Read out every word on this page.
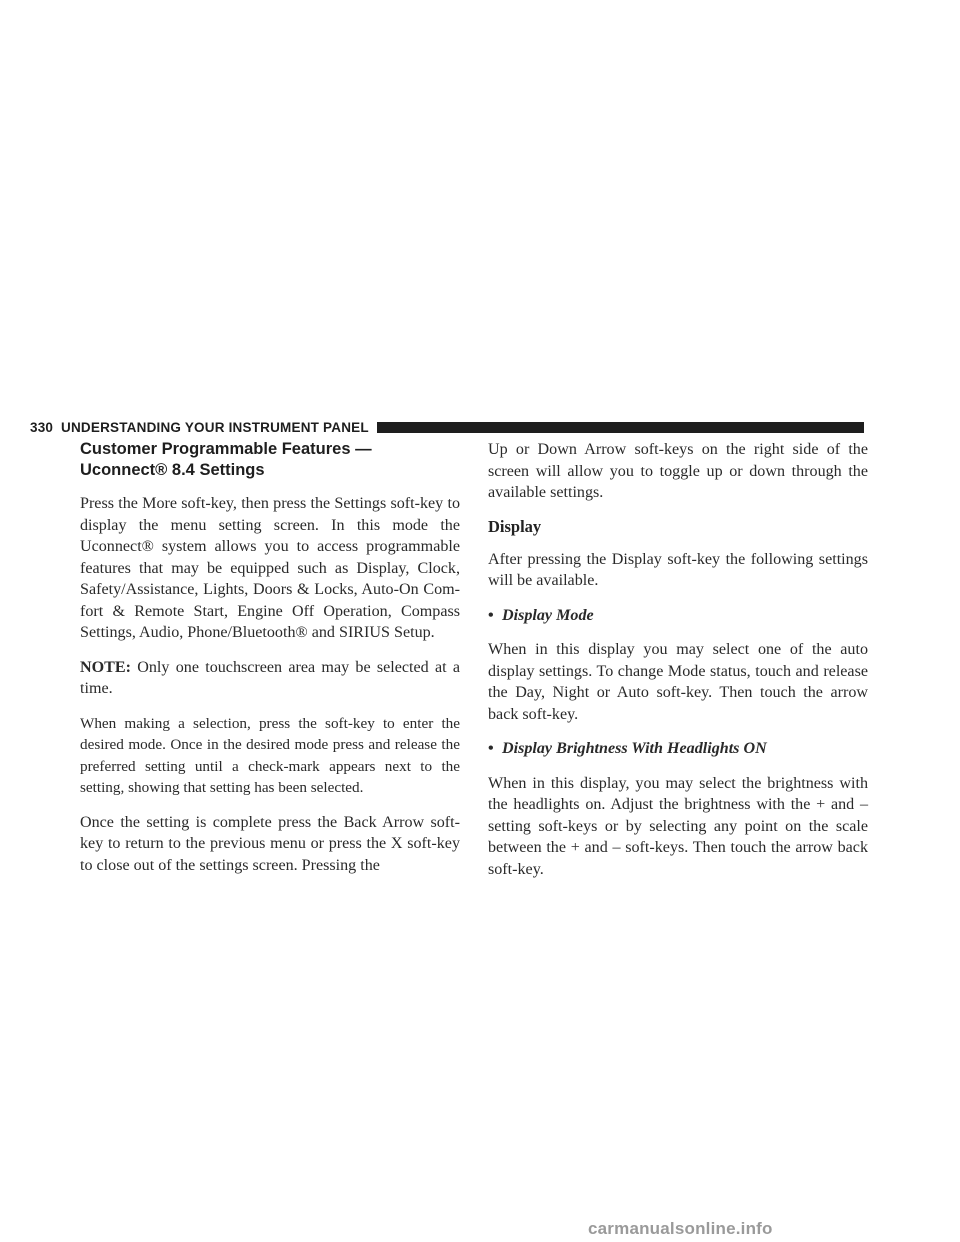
330 UNDERSTANDING YOUR INSTRUMENT PANEL
Customer Programmable Features —
Uconnect® 8.4 Settings

Press the More soft-key, then press the Settings soft-key to display the menu setting screen. In this mode the Uconnect® system allows you to access programmable features that may be equipped such as Display, Clock, Safety/Assistance, Lights, Doors & Locks, Auto-On Com-fort & Remote Start, Engine Off Operation, Compass Settings, Audio, Phone/Bluetooth® and SIRIUS Setup.

NOTE: Only one touchscreen area may be selected at a time.

When making a selection, press the soft-key to enter the desired mode. Once in the desired mode press and release the preferred setting until a check-mark appears next to the setting, showing that setting has been selected.

Once the setting is complete press the Back Arrow soft-key to return to the previous menu or press the X soft-key to close out of the settings screen. Pressing the

Up or Down Arrow soft-keys on the right side of the screen will allow you to toggle up or down through the available settings.

Display

After pressing the Display soft-key the following settings will be available.

• Display Mode

When in this display you may select one of the auto display settings. To change Mode status, touch and release the Day, Night or Auto soft-key. Then touch the arrow back soft-key.

• Display Brightness With Headlights ON

When in this display, you may select the brightness with the headlights on. Adjust the brightness with the + and – setting soft-keys or by selecting any point on the scale between the + and – soft-keys. Then touch the arrow back soft-key.

carmanualsonline.info
